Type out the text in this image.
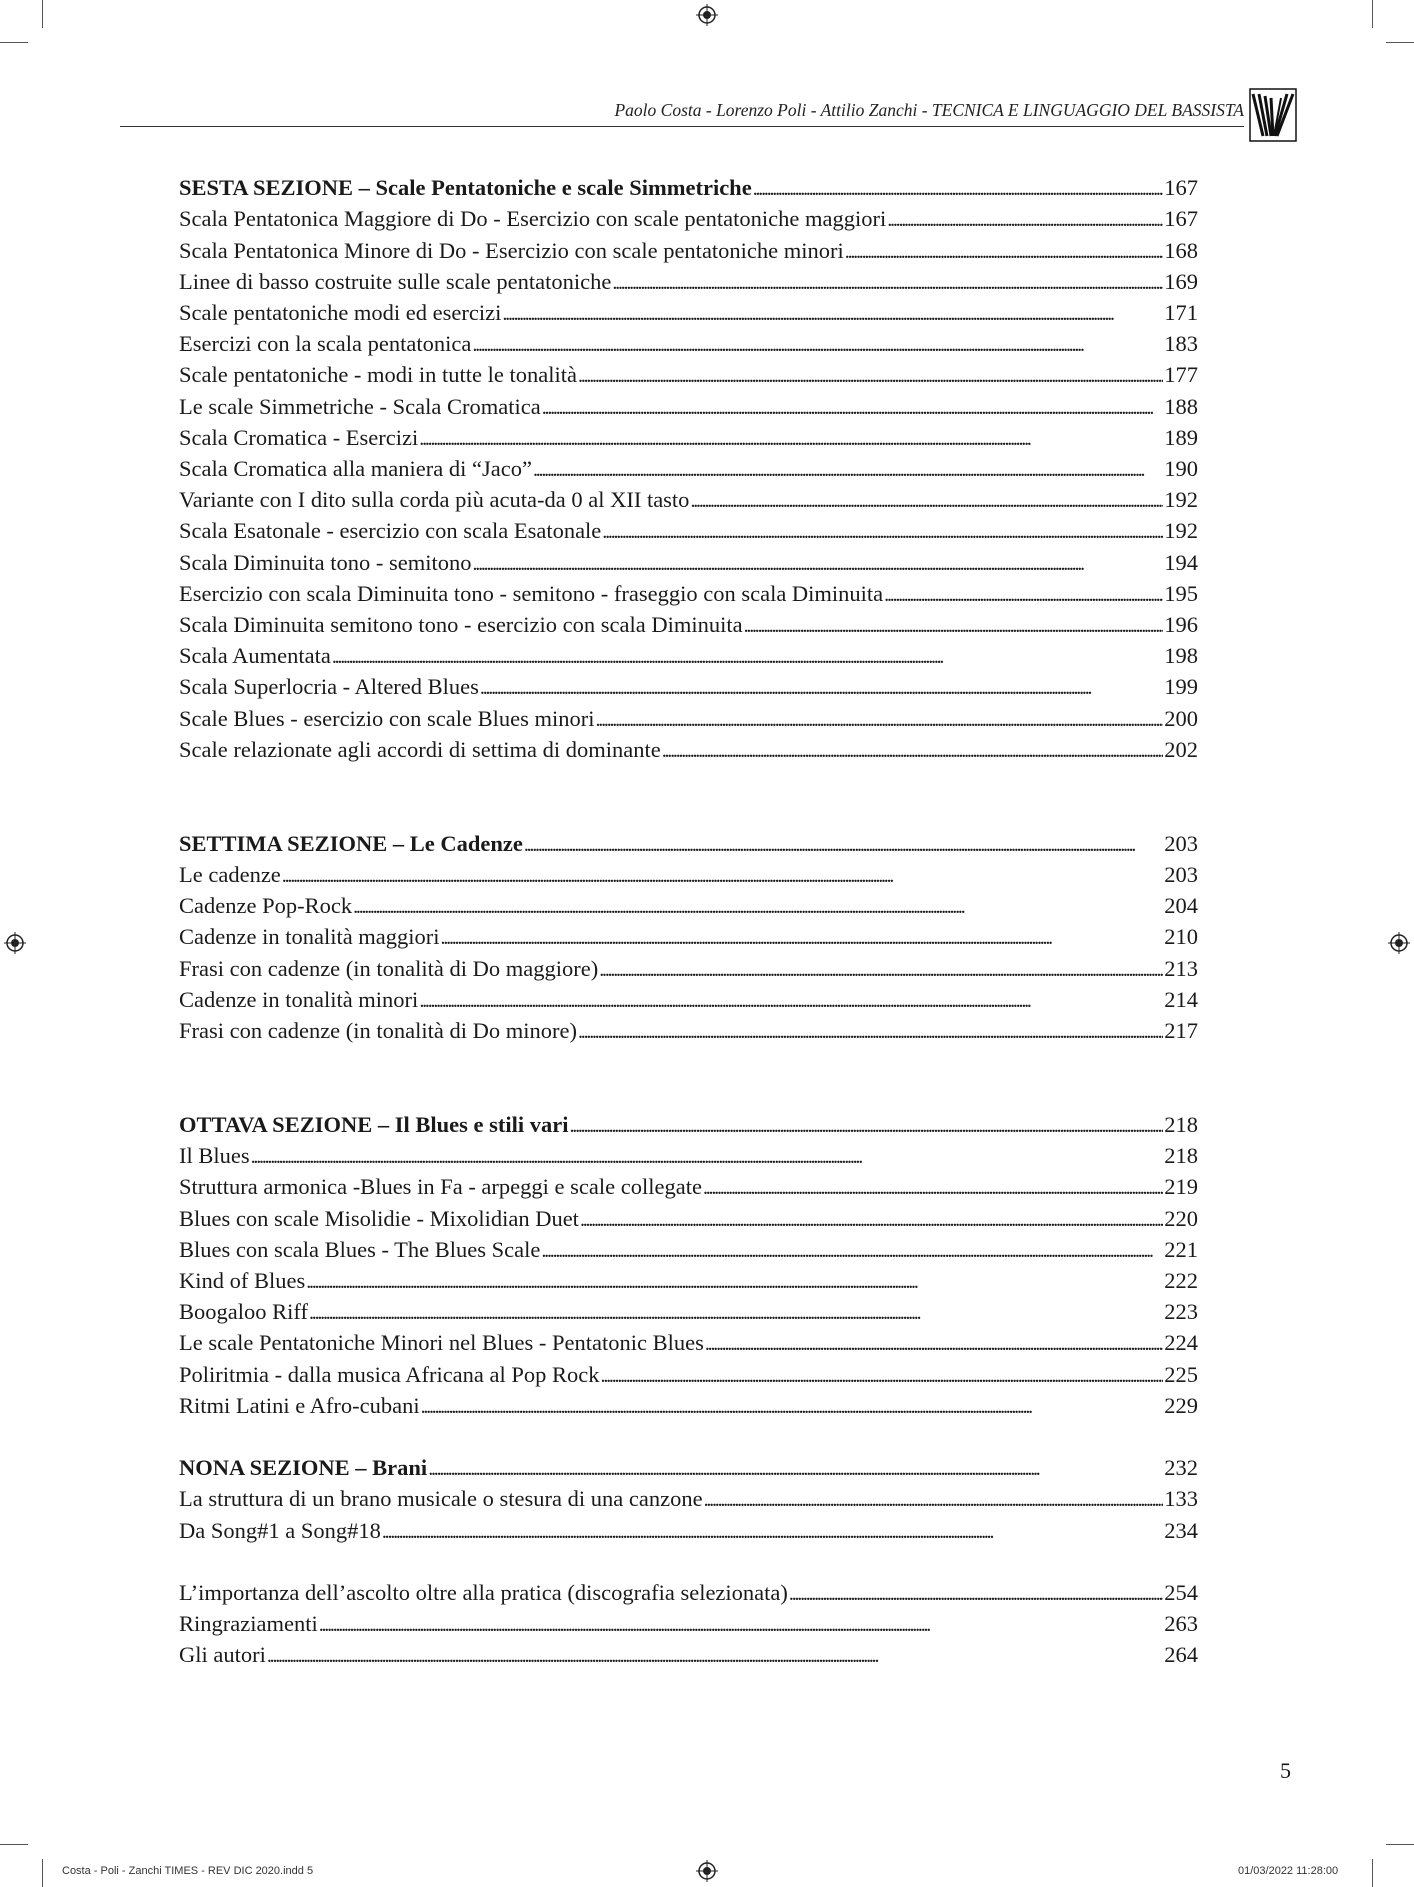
Paolo Costa - Lorenzo Poli - Attilio Zanchi - TECNICA E LINGUAGGIO DEL BASSISTA
SESTA SEZIONE – Scale Pentatoniche e scale Simmetriche . . .	167
Scala Pentatonica Maggiore di Do - Esercizio con scale pentatoniche maggiori . . .	167
Scala Pentatonica Minore di Do - Esercizio con scale pentatoniche minori . . .	168
Linee di basso costruite sulle scale pentatoniche . . .	169
Scale pentatoniche modi ed esercizi . . .	171
Esercizi con la scala pentatonica . . .	183
Scale pentatoniche - modi in tutte le tonalità . . .	177
Le scale Simmetriche - Scala Cromatica . . .	188
Scala Cromatica - Esercizi . . .	189
Scala Cromatica alla maniera di “Jaco” . . .	190
Variante con I dito sulla corda più acuta-da 0 al XII tasto . . .	192
Scala Esatonale - esercizio con scala Esatonale . . .	192
Scala Diminuita tono - semitono . . .	194
Esercizio con scala Diminuita tono - semitono - fraseggio con scala Diminuita . . .	195
Scala Diminuita semitono tono - esercizio con scala Diminuita . . .	196
Scala Aumentata . . .	198
Scala Superlocria - Altered Blues . . .	199
Scale Blues - esercizio con scale Blues minori . . .	200
Scale relazionate agli accordi di settima di dominante . . .	202
SETTIMA SEZIONE – Le Cadenze . . .	203
Le cadenze . . .	203
Cadenze Pop-Rock . . .	204
Cadenze in tonalità maggiori . . .	210
Frasi con cadenze (in tonalità di Do maggiore) . . .	213
Cadenze in tonalità minori . . .	214
Frasi con cadenze (in tonalità di Do minore) . . .	217
OTTAVA SEZIONE – Il Blues e stili vari . . .	218
Il Blues . . .	218
Struttura armonica -Blues in Fa - arpeggi e scale collegate . . .	219
Blues con scale Misolidie - Mixolidian Duet . . .	220
Blues con scala Blues - The Blues Scale . . .	221
Kind of Blues . . .	222
Boogaloo Riff . . .	223
Le scale Pentatoniche Minori nel Blues - Pentatonic Blues . . .	224
Poliritmia - dalla musica Africana al Pop Rock . . .	225
Ritmi Latini e Afro-cubani . . .	229
NONA SEZIONE – Brani . . .	232
La struttura di un brano musicale o stesura di una canzone . . .	133
Da Song#1 a Song#18 . . .	234
L’importanza dell’ascolto oltre alla pratica (discografia selezionata) . . .	254
Ringraziamenti . . .	263
Gli autori . . .	264
5
Costa - Poli - Zanchi TIMES - REV DIC 2020.indd 5	01/03/2022 11:28:00
